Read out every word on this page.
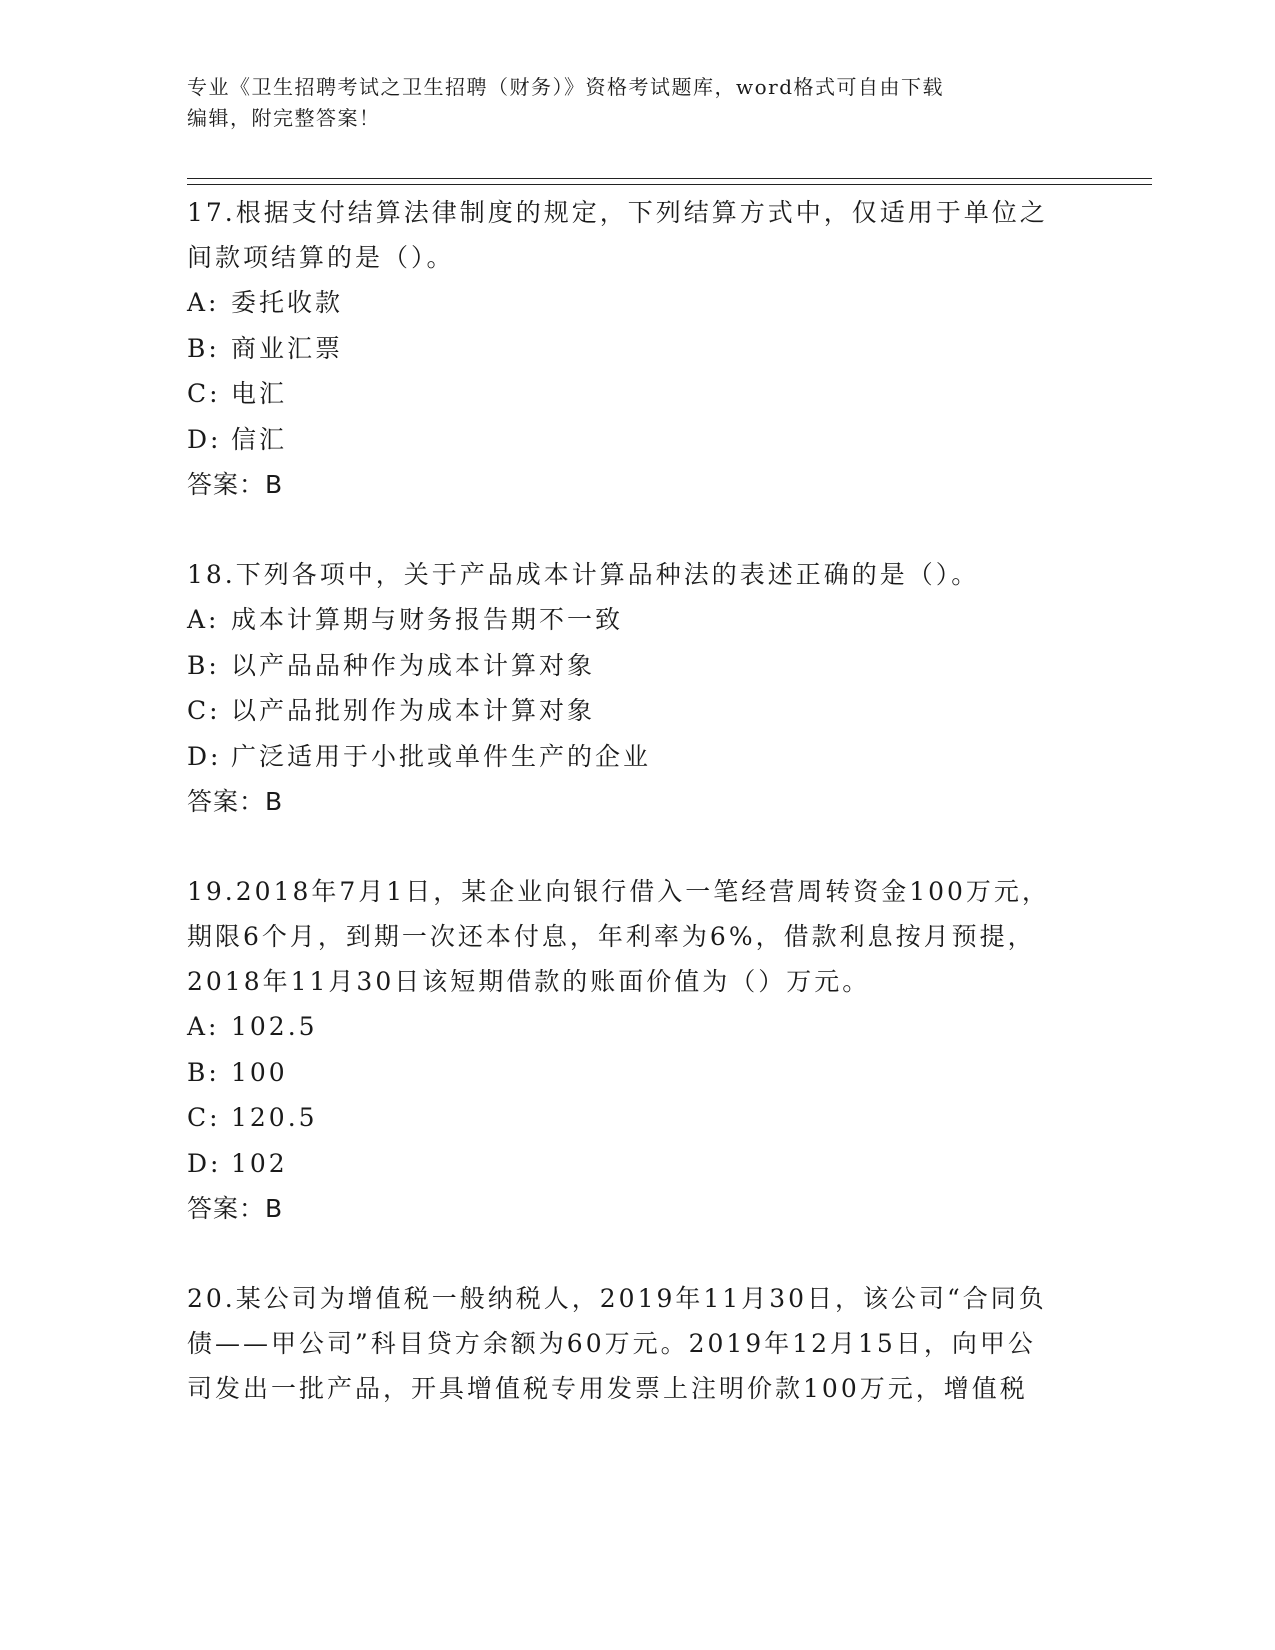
专业《卫生招聘考试之卫生招聘（财务）》资格考试题库，word格式可自由下载
编辑，附完整答案！
17.根据支付结算法律制度的规定，下列结算方式中，仅适用于单位之
间款项结算的是（）。
A: 委托收款
B: 商业汇票
C: 电汇
D: 信汇
答案：B
18.下列各项中，关于产品成本计算品种法的表述正确的是（）。
A: 成本计算期与财务报告期不一致
B: 以产品品种作为成本计算对象
C: 以产品批别作为成本计算对象
D: 广泛适用于小批或单件生产的企业
答案：B
19.2018年7月1日，某企业向银行借入一笔经营周转资金100万元，
期限6个月，到期一次还本付息，年利率为6%，借款利息按月预提，
2018年11月30日该短期借款的账面价值为（）万元。
A: 102.5
B: 100
C: 120.5
D: 102
答案：B
20.某公司为增值税一般纳税人，2019年11月30日，该公司“合同负
债——甲公司”科目贷方余额为60万元。2019年12月15日，向甲公
司发出一批产品，开具增值税专用发票上注明价款100万元，增值税
